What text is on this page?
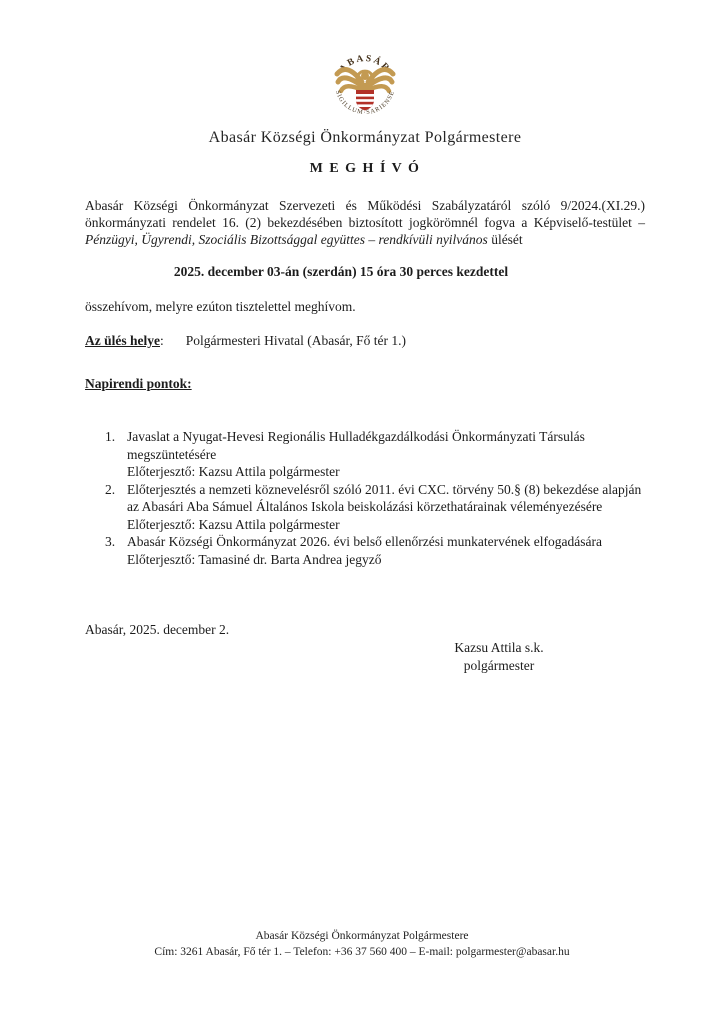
ABASÁR
SIGILLUM·SARIENSE
Abasár Községi Önkormányzat Polgármestere
M E G H Í V Ó
Abasár Községi Önkormányzat Szervezeti és Működési Szabályzatáról szóló 9/2024.(XI.29.) önkormányzati rendelet 16. (2) bekezdésében biztosított jogkörömnél fogva a Képviselő-testület – Pénzügyi, Ügyrendi, Szociális Bizottsággal együttes – rendkívüli nyilvános ülését
2025. december 03-án (szerdán) 15 óra 30 perces kezdettel
összehívom, melyre ezúton tisztelettel meghívom.
Az ülés helye: Polgármesteri Hivatal (Abasár, Fő tér 1.)
Napirendi pontok:
1. Javaslat a Nyugat-Hevesi Regionális Hulladékgazdálkodási Önkormányzati Társulás megszüntetésére
Előterjesztő: Kazsu Attila polgármester
2. Előterjesztés a nemzeti köznevelésről szóló 2011. évi CXC. törvény 50.§ (8) bekezdése alapján az Abasári Aba Sámuel Általános Iskola beiskolázási körzethatárainak véleményezésére
Előterjesztő: Kazsu Attila polgármester
3. Abasár Községi Önkormányzat 2026. évi belső ellenőrzési munkatervének elfogadására
Előterjesztő: Tamasiné dr. Barta Andrea jegyző
Abasár, 2025. december 2.
Kazsu Attila s.k.
polgármester
Abasár Községi Önkormányzat Polgármestere
Cím: 3261 Abasár, Fő tér 1. – Telefon: +36 37 560 400 – E-mail: polgarmester@abasar.hu
